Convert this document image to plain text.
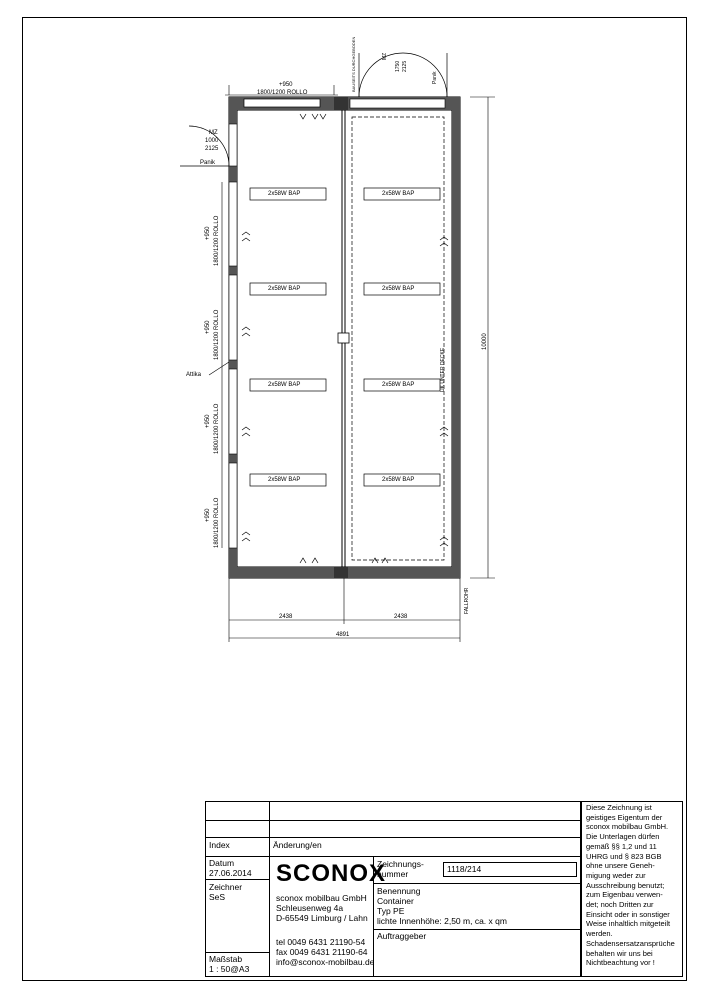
+950
1800/1200 ROLLO
MZ
1000
2125
Panik
MZ
1750 2125
Panik
BAUSEITS DURCHGEBODEN
+950 1800/1200 ROLLO
+950 1800/1200 ROLLO
+950 1800/1200 ROLLO
+950 1800/1200 ROLLO
2x58W BAP	2x58W BAP
2x58W BAP	2x58W BAP
2x58W BAP	2x58W BAP
2x58W BAP	2x58W BAP
Attika	UK UNTER DECKE
FALLROHR
2438	2438
4891
10000
Index	Änderung/en
Datum
27.06.2014
Zeichner
SeS
Maßstab
1 : 50@A3
SCONOX
sconox mobilbau GmbH
Schleusenweg 4a
D-65549 Limburg / Lahn
tel 0049 6431 21190-54
fax 0049 6431 21190-64
info@sconox-mobilbau.de
Zeichnungs-
nummer	1118/214
Benennung
Container
Typ PE
lichte Innenhöhe: 2,50 m, ca. x qm
Auftraggeber
Diese Zeichnung ist
geistiges Eigentum der
sconox mobilbau GmbH.
Die Unterlagen dürfen
gemäß §§ 1,2 und 11
UHRG und § 823 BGB
ohne unsere Geneh-
migung weder zur
Ausschreibung benutzt;
zum Eigenbau verwen-
det; noch Dritten zur
Einsicht oder in sonstiger
Weise inhaltlich mitgeteilt
werden.
Schadensersatzansprüche
behalten wir uns bei
Nichtbeachtung vor !
